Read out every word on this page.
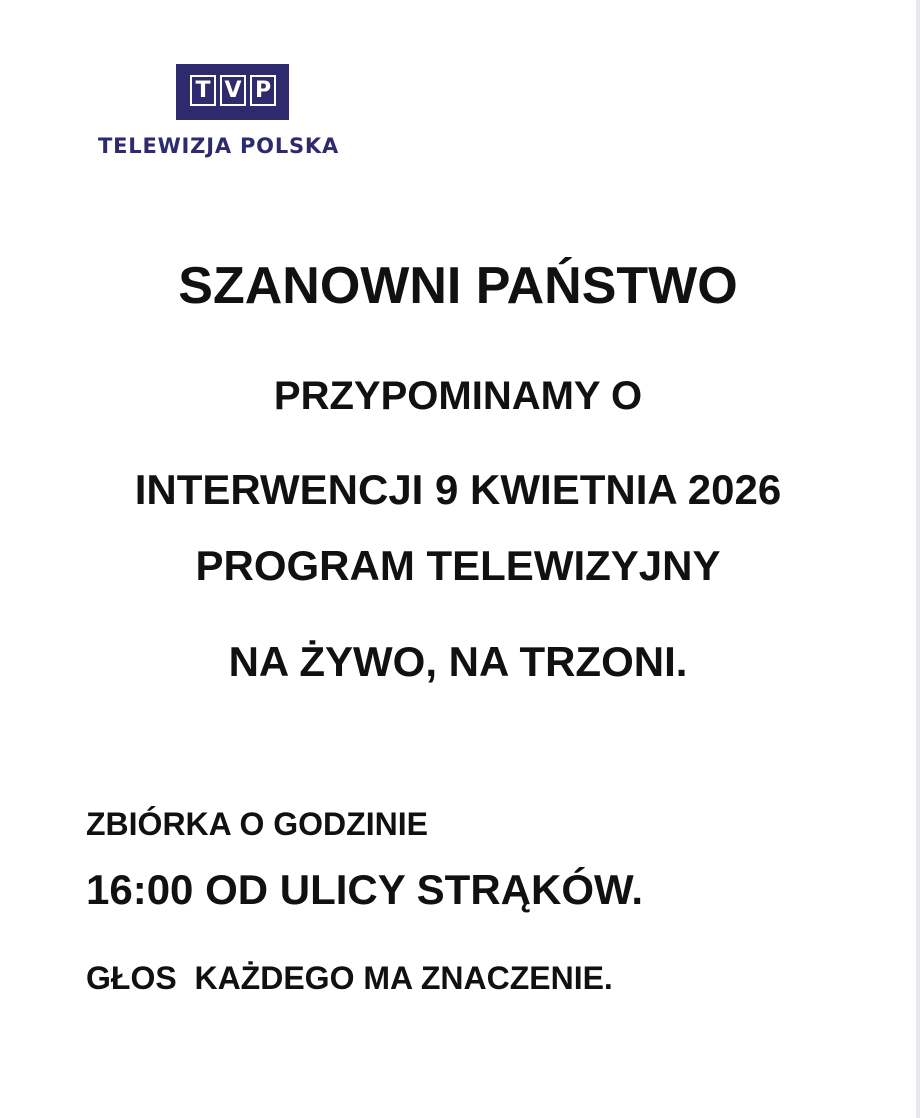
T V P
TELEWIZJA POLSKA
SZANOWNI PAŃSTWO
PRZYPOMINAMY O
INTERWENCJI 9 KWIETNIA 2026
PROGRAM TELEWIZYJNY
NA ŻYWO, NA TRZONI.
ZBIÓRKA O GODZINIE
16:00 OD ULICY STRĄKÓW.
GŁOS  KAŻDEGO MA ZNACZENIE.
